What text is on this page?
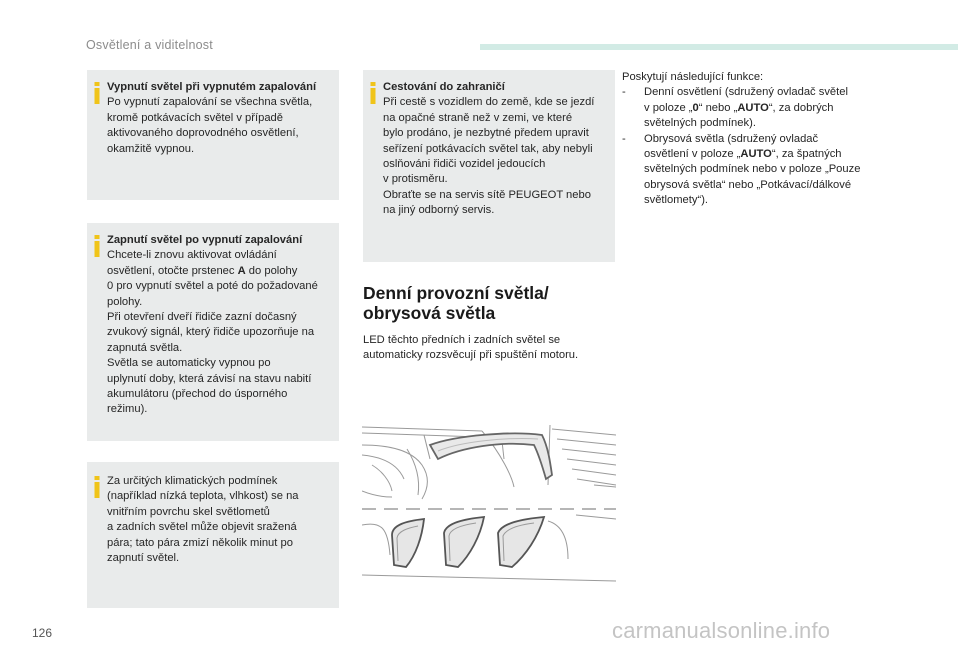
Osvětlení a viditelnost
Vypnutí světel při vypnutém zapalování

Po vypnutí zapalování se všechna světla,
kromě potkávacích světel v případě
aktivovaného doprovodného osvětlení,
okamžitě vypnou.

Zapnutí světel po vypnutí zapalování

Chcete-li znovu aktivovat ovládání
osvětlení, otočte prstenec A do polohy
0 pro vypnutí světel a poté do požadované
polohy.
Při otevření dveří řidiče zazní dočasný
zvukový signál, který řidiče upozorňuje na
zapnutá světla.
Světla se automaticky vypnou po
uplynutí doby, která závisí na stavu nabití
akumulátoru (přechod do úsporného
režimu).

Za určitých klimatických podmínek
(například nízká teplota, vlhkost) se na
vnitřním povrchu skel světlometů
a zadních světel může objevit sražená
pára; tato pára zmizí několik minut po
zapnutí světel.

Cestování do zahraničí

Při cestě s vozidlem do země, kde se jezdí
na opačné straně než v zemi, ve které
bylo prodáno, je nezbytné předem upravit
seřízení potkávacích světel tak, aby nebyli
oslňováni řidiči vozidel jedoucích
v protisměru.
Obraťte se na servis sítě PEUGEOT nebo
na jiný odborný servis.

Denní provozní světla/
obrysová světla
LED těchto předních i zadních světel se
automaticky rozsvěcují při spuštění motoru.
Poskytují následující funkce:
- Denní osvětlení (sdružený ovladač světel
v poloze „0“ nebo „AUTO“, za dobrých
světelných podmínek).
- Obrysová světla (sdružený ovladač
osvětlení v poloze „AUTO“, za špatných
světelných podmínek nebo v poloze „Pouze
obrysová světla“ nebo „Potkávací/dálkové
světlomety“).
126	carmanualsonline.info
